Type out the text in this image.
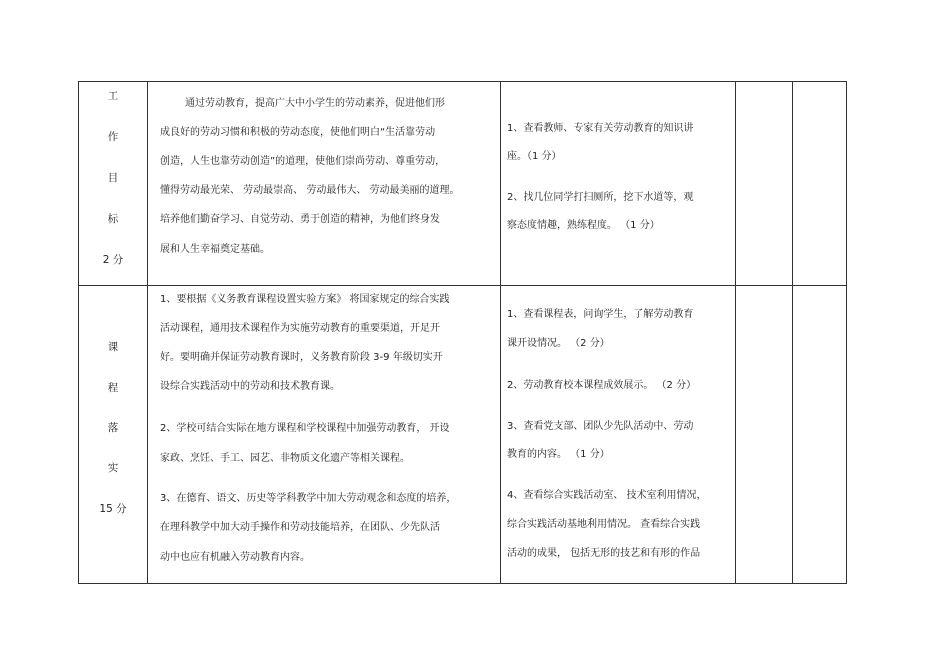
工
作
目
标
2 分
通过劳动教育，提高广大中小学生的劳动素养，促进他们形
成良好的劳动习惯和积极的劳动态度，使他们明白“生活靠劳动
创造，人生也靠劳动创造”的道理，使他们崇尚劳动、尊重劳动，
懂得劳动最光荣、 劳动最崇高、 劳动最伟大、 劳动最美丽的道理。
培养他们勤奋学习、自觉劳动、勇于创造的精神，为他们终身发
展和人生幸福奠定基础。
1、查看教师、专家有关劳动教育的知识讲
座。（1 分）
2、找几位同学打扫厕所，挖下水道等，观
察态度情趣，熟练程度。 （1 分）
课
程
落
实
15 分
1、要根据《义务教育课程设置实验方案》 将国家规定的综合实践
活动课程，通用技术课程作为实施劳动教育的重要渠道，开足开
好。要明确并保证劳动教育课时，义务教育阶段 3-9 年级切实开
设综合实践活动中的劳动和技术教育课。
2、学校可结合实际在地方课程和学校课程中加强劳动教育， 开设
家政、烹饪、手工、园艺、非物质文化遗产等相关课程。
3、在德育、语文、历史等学科教学中加大劳动观念和态度的培养，
在理科教学中加大动手操作和劳动技能培养，在团队、少先队活
动中也应有机融入劳动教育内容。
1、查看课程表，问询学生，了解劳动教育
课开设情况。 （2 分）
2、劳动教育校本课程成效展示。 （2 分）
3、查看党支部、团队少先队活动中、劳动
教育的内容。 （1 分）
4、查看综合实践活动室、 技术室利用情况，
综合实践活动基地利用情况。 查看综合实践
活动的成果， 包括无形的技艺和有形的作品
